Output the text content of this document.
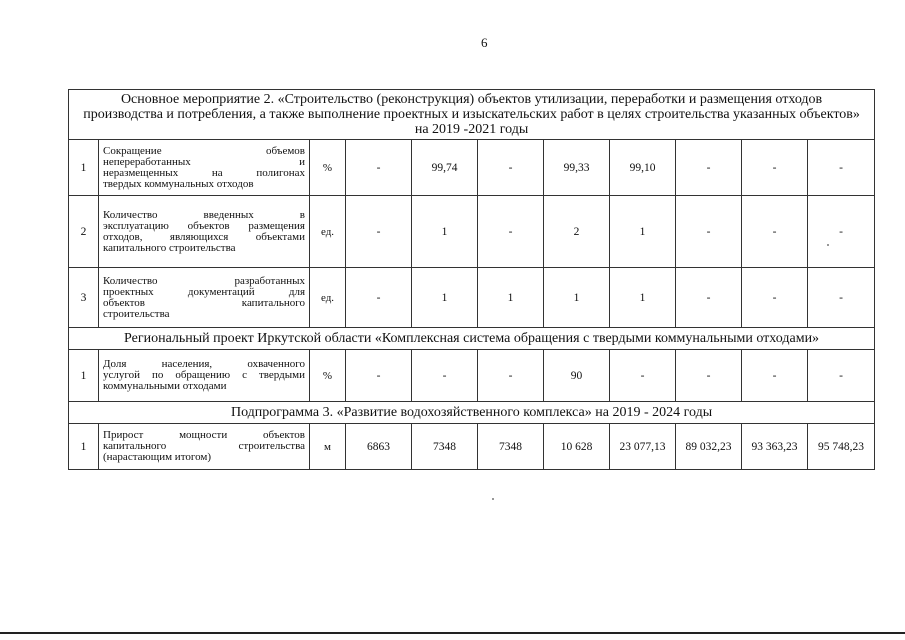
6
Основное мероприятие 2. «Строительство (реконструкция) объектов утилизации, переработки и размещения отходов производства и потребления, а также выполнение проектных и изыскательских работ в целях строительства указанных объектов» на 2019 -2021 годы										
1	Сокращение объемов
непереработанных и
неразмещенных на полигонах
твердых коммунальных отходов	%	-	99,74	-	99,33	99,10	-	-	-
2	Количество введенных в
эксплуатацию объектов размещения
отходов, являющихся объектами
капитального строительства	ед.	-	1	-	2	1	-	-	-
3	Количество разработанных
проектных документаций для
объектов капитального
строительства	ед.	-	1	1	1	1	-	-	-
Региональный проект Иркутской области «Комплексная система обращения с твердыми коммунальными отходами»										
1	Доля населения, охваченного
услугой по обращению с твердыми
коммунальными отходами	%	-	-	-	90	-	-	-	-
Подпрограмма 3. «Развитие водохозяйственного комплекса» на 2019 - 2024 годы										
1	Прирост мощности объектов
капитального строительства
(нарастающим итогом)	м	6863	7348	7348	10 628	23 077,13	89 032,23	93 363,23	95 748,23
